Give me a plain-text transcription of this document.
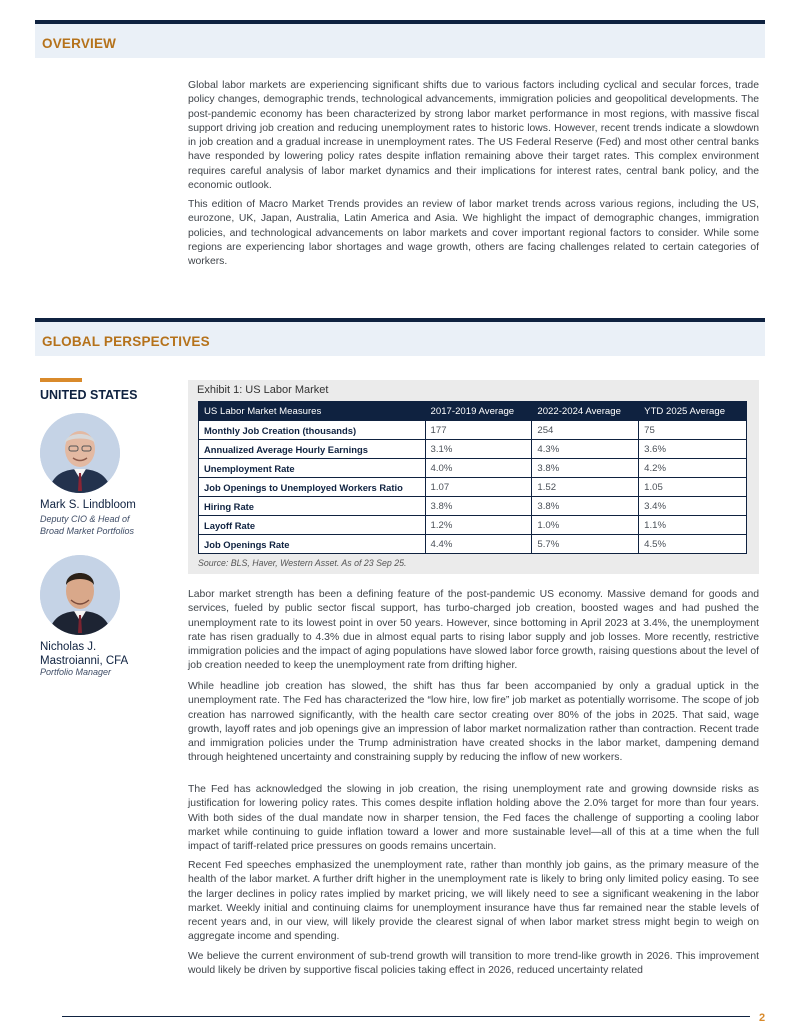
OVERVIEW

Global labor markets are experiencing significant shifts due to various factors including cyclical and secular forces, trade policy changes, demographic trends, technological advancements, immigration policies and geopolitical developments. The post-pandemic economy has been characterized by strong labor market performance in most regions, with massive fiscal support driving job creation and reducing unemployment rates to historic lows. However, recent trends indicate a slowdown in job creation and a gradual increase in unemployment rates. The US Federal Reserve (Fed) and most other central banks have responded by lowering policy rates despite inflation remaining above their target rates. This complex environment requires careful analysis of labor market dynamics and their implications for interest rates, central bank policy, and the economic outlook.

This edition of Macro Market Trends provides an review of labor market trends across various regions, including the US, eurozone, UK, Japan, Australia, Latin America and Asia. We highlight the impact of demographic changes, immigration policies, and technological advancements on labor markets and cover important regional factors to consider. While some regions are experiencing labor shortages and wage growth, others are facing challenges related to certain categories of workers.

GLOBAL PERSPECTIVES
UNITED STATES
Mark S. Lindbloom
Deputy CIO & Head of Broad Market Portfolios
Nicholas J. Mastroianni, CFA
Portfolio Manager
Exhibit 1: US Labor Market
US Labor Market Measures	2017-2019 Average	2022-2024 Average	YTD 2025 Average
Monthly Job Creation (thousands)	177	254	75
Annualized Average Hourly Earnings	3.1%	4.3%	3.6%
Unemployment Rate	4.0%	3.8%	4.2%
Job Openings to Unemployed Workers Ratio	1.07	1.52	1.05
Hiring Rate	3.8%	3.8%	3.4%
Layoff Rate	1.2%	1.0%	1.1%
Job Openings Rate	4.4%	5.7%	4.5%
Source: BLS, Haver, Western Asset. As of 23 Sep 25.

Labor market strength has been a defining feature of the post-pandemic US economy. Massive demand for goods and services, fueled by public sector fiscal support, has turbo-charged job creation, boosted wages and had pushed the unemployment rate to its lowest point in over 50 years. However, since bottoming in April 2023 at 3.4%, the unemployment rate has risen gradually to 4.3% due in almost equal parts to rising labor supply and job losses. More recently, restrictive immigration policies and the impact of aging populations have slowed labor force growth, raising questions about the level of job creation needed to keep the unemployment rate from drifting higher.

While headline job creation has slowed, the shift has thus far been accompanied by only a gradual uptick in the unemployment rate. The Fed has characterized the “low hire, low fire” job market as potentially worrisome. The scope of job creation has narrowed significantly, with the health care sector creating over 80% of the jobs in 2025. That said, wage growth, layoff rates and job openings give an impression of labor market normalization rather than contraction. Recent trade and immigration policies under the Trump administration have created shocks in the labor market, dampening demand through heightened uncertainty and constraining supply by reducing the inflow of new workers.

The Fed has acknowledged the slowing in job creation, the rising unemployment rate and growing downside risks as justification for lowering policy rates. This comes despite inflation holding above the 2.0% target for more than four years. With both sides of the dual mandate now in sharper tension, the Fed faces the challenge of supporting a cooling labor market while continuing to guide inflation toward a lower and more sustainable level—all of this at a time when the full impact of tariff-related price pressures on goods remains uncertain.

Recent Fed speeches emphasized the unemployment rate, rather than monthly job gains, as the primary measure of the health of the labor market. A further drift higher in the unemployment rate is likely to bring only limited policy easing. To see the larger declines in policy rates implied by market pricing, we will likely need to see a significant weakening in the labor market. Weekly initial and continuing claims for unemployment insurance have thus far remained near the stable levels of recent years and, in our view, will likely provide the clearest signal of when labor market stress might begin to weigh on aggregate income and spending.

We believe the current environment of sub-trend growth will transition to more trend-like growth in 2026. This improvement would likely be driven by supportive fiscal policies taking effect in 2026, reduced uncertainty related

2
